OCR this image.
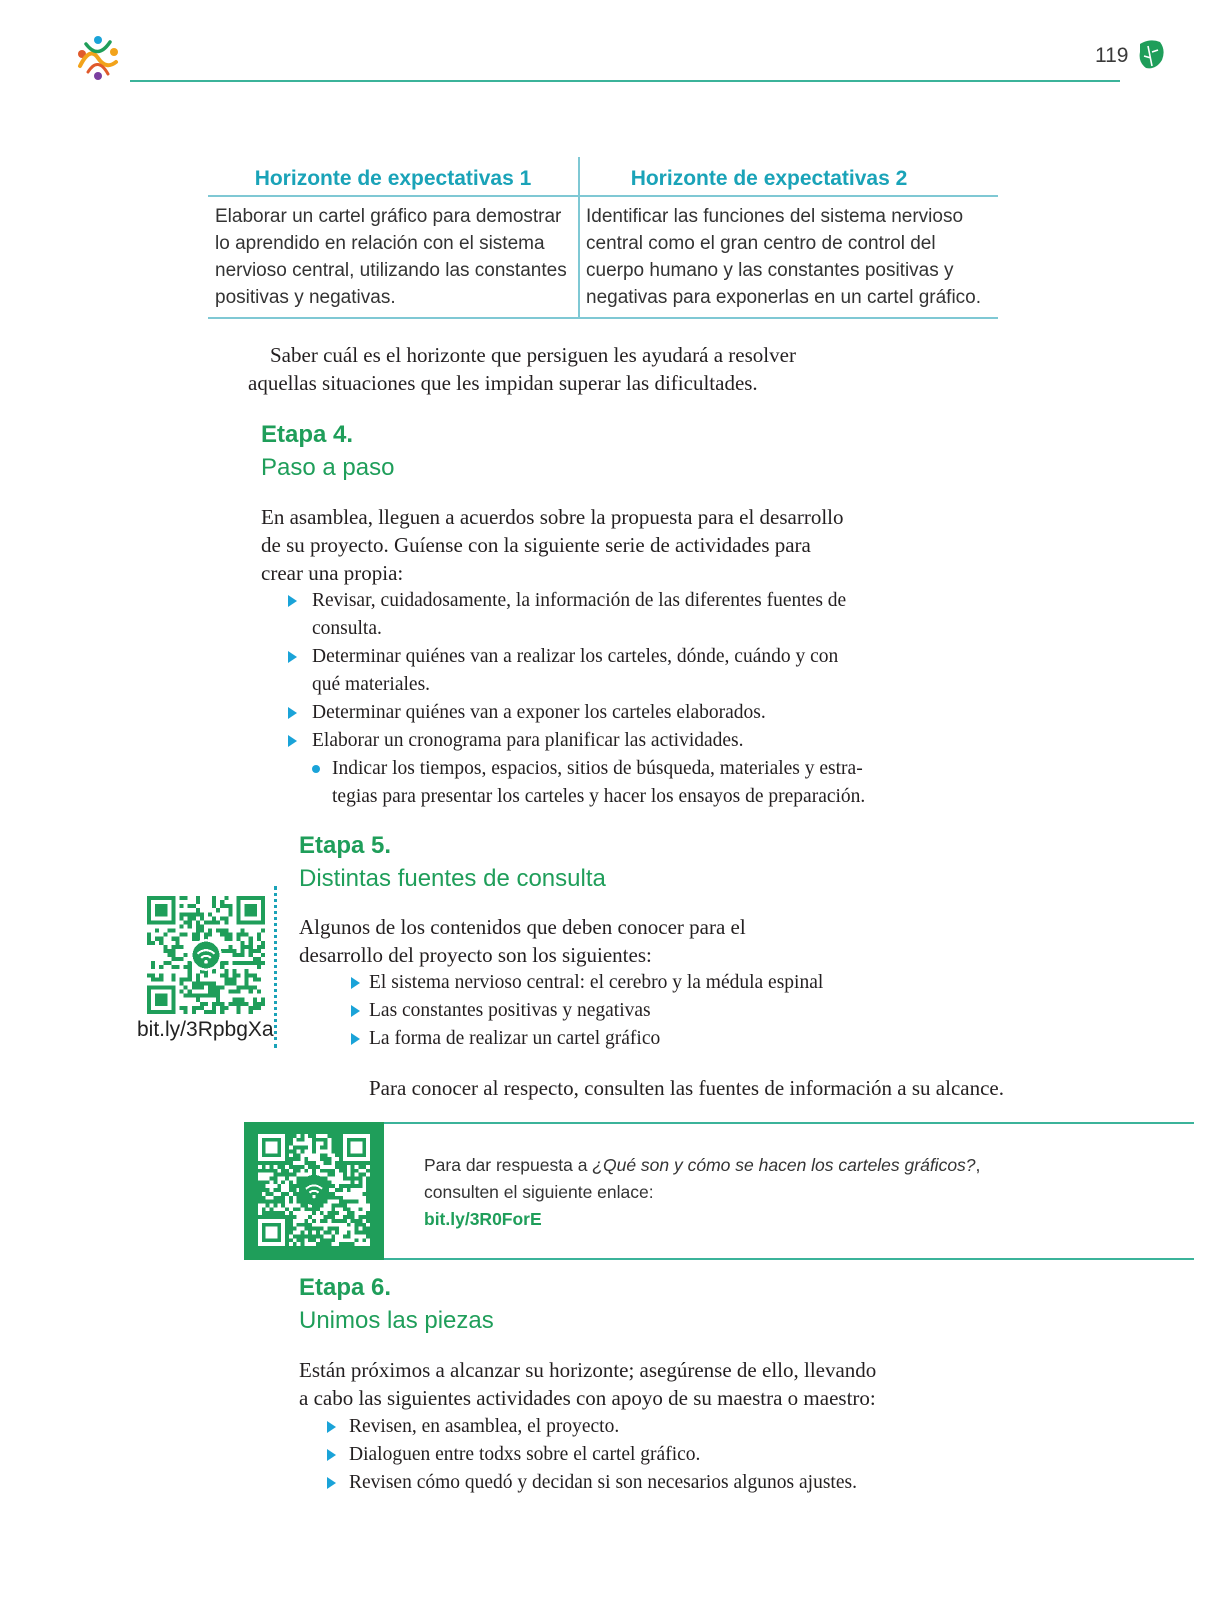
119
Horizonte de expectativas 1	Horizonte de expectativas 2
Elaborar un cartel gráfico para demostrar
lo aprendido en relación con el sistema
nervioso central, utilizando las constantes
positivas y negativas.
Identificar las funciones del sistema nervioso
central como el gran centro de control del
cuerpo humano y las constantes positivas y
negativas para exponerlas en un cartel gráfico.
Saber cuál es el horizonte que persiguen les ayudará a resolver
aquellas situaciones que les impidan superar las dificultades.
Etapa 4.
Paso a paso
En asamblea, lleguen a acuerdos sobre la propuesta para el desarrollo
de su proyecto. Guíense con la siguiente serie de actividades para
crear una propia:
Revisar, cuidadosamente, la información de las diferentes fuentes de
consulta.
Determinar quiénes van a realizar los carteles, dónde, cuándo y con
qué materiales.
Determinar quiénes van a exponer los carteles elaborados.
Elaborar un cronograma para planificar las actividades.
Indicar los tiempos, espacios, sitios de búsqueda, materiales y estra-
tegias para presentar los carteles y hacer los ensayos de preparación.
Etapa 5.
Distintas fuentes de consulta
bit.ly/3RpbgXa
Algunos de los contenidos que deben conocer para el
desarrollo del proyecto son los siguientes:
El sistema nervioso central: el cerebro y la médula espinal
Las constantes positivas y negativas
La forma de realizar un cartel gráfico
Para conocer al respecto, consulten las fuentes de información a su alcance.
Para dar respuesta a ¿Qué son y cómo se hacen los carteles gráficos?,
consulten el siguiente enlace:
bit.ly/3R0ForE
Etapa 6.
Unimos las piezas
Están próximos a alcanzar su horizonte; asegúrense de ello, llevando
a cabo las siguientes actividades con apoyo de su maestra o maestro:
Revisen, en asamblea, el proyecto.
Dialoguen entre todxs sobre el cartel gráfico.
Revisen cómo quedó y decidan si son necesarios algunos ajustes.
